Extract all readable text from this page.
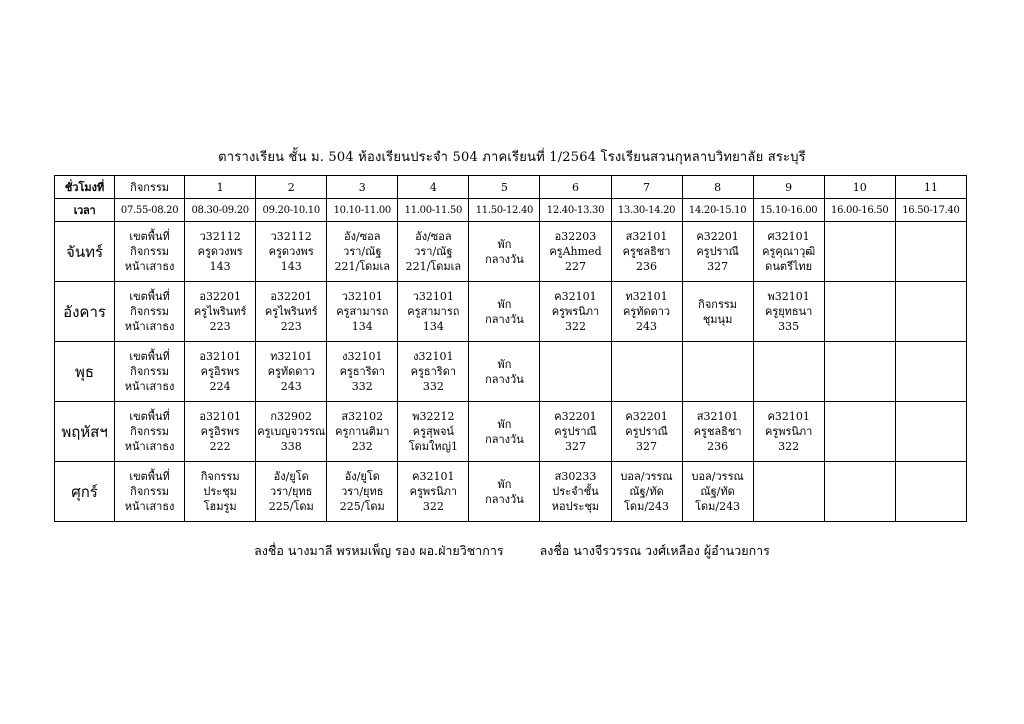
ตารางเรียน ชั้น ม. 504 ห้องเรียนประจำ 504 ภาคเรียนที่ 1/2564 โรงเรียนสวนกุหลาบวิทยาลัย สระบุรี
ชั่วโมงที่	กิจกรรม	1	2	3	4	5	6	7	8	9	10	11
เวลา	07.55-08.20	08.30-09.20	09.20-10.10	10.10-11.00	11.00-11.50	11.50-12.40	12.40-13.30	13.30-14.20	14.20-15.10	15.10-16.00	16.00-16.50	16.50-17.40
จันทร์	เขตพื้นที่
กิจกรรม
หน้าเสาธง	ว32112
ครูดวงพร
143	ว32112
ครูดวงพร
143	อัง/ซอล
วรา/ณัฐ
221/โดมเล	อัง/ซอล
วรา/ณัฐ
221/โดมเล	พัก
กลางวัน	อ32203
ครูAhmed
227	ส32101
ครูชลธิชา
236	ค32201
ครูปราณี
327	ศ32101
ครูคุณาวุฒิ
ดนตรีไทย		

อังคาร	เขตพื้นที่
กิจกรรม
หน้าเสาธง	อ32201
ครูไพรินทร์
223	อ32201
ครูไพรินทร์
223	ว32101
ครูสามารถ
134	ว32101
ครูสามารถ
134	พัก
กลางวัน	ค32101
ครูพรนิภา
322	ท32101
ครูทัดดาว
243	กิจกรรม
ชุมนุม	พ32101
ครูยุทธนา
335		

พุธ	เขตพื้นที่
กิจกรรม
หน้าเสาธง	อ32101
ครูอิรพร
224	ท32101
ครูทัดดาว
243	ง32101
ครูธาริดา
332	ง32101
ครูธาริดา
332	พัก
กลางวัน						

พฤหัสฯ	เขตพื้นที่
กิจกรรม
หน้าเสาธง	อ32101
ครูอิรพร
222	ก32902
ครูเบญจวรรณ
338	ส32102
ครูกานติมา
232	พ32212
ครูสุพจน์
โดมใหญ่1	พัก
กลางวัน	ค32201
ครูปราณี
327	ค32201
ครูปราณี
327	ส32101
ครูชลธิชา
236	ค32101
ครูพรนิภา
322		

ศุกร์	เขตพื้นที่
กิจกรรม
หน้าเสาธง	กิจกรรม
ประชุม
โฮมรูม	อัง/ยูโด
วรา/ยุทธ
225/โดม	อัง/ยูโด
วรา/ยุทธ
225/โดม	ค32101
ครูพรนิภา
322	พัก
กลางวัน	ส30233
ประจำชั้น
หอประชุม	บอล/วรรณ
ณัฐ/ทัด
โดม/243	บอล/วรรณ
ณัฐ/ทัด
โดม/243			

ลงชื่อ นางมาลี พรหมเพ็ญ รอง ผอ.ฝ่ายวิชาการ	ลงชื่อ นางจีรวรรณ วงศ์เหลือง ผู้อำนวยการ
